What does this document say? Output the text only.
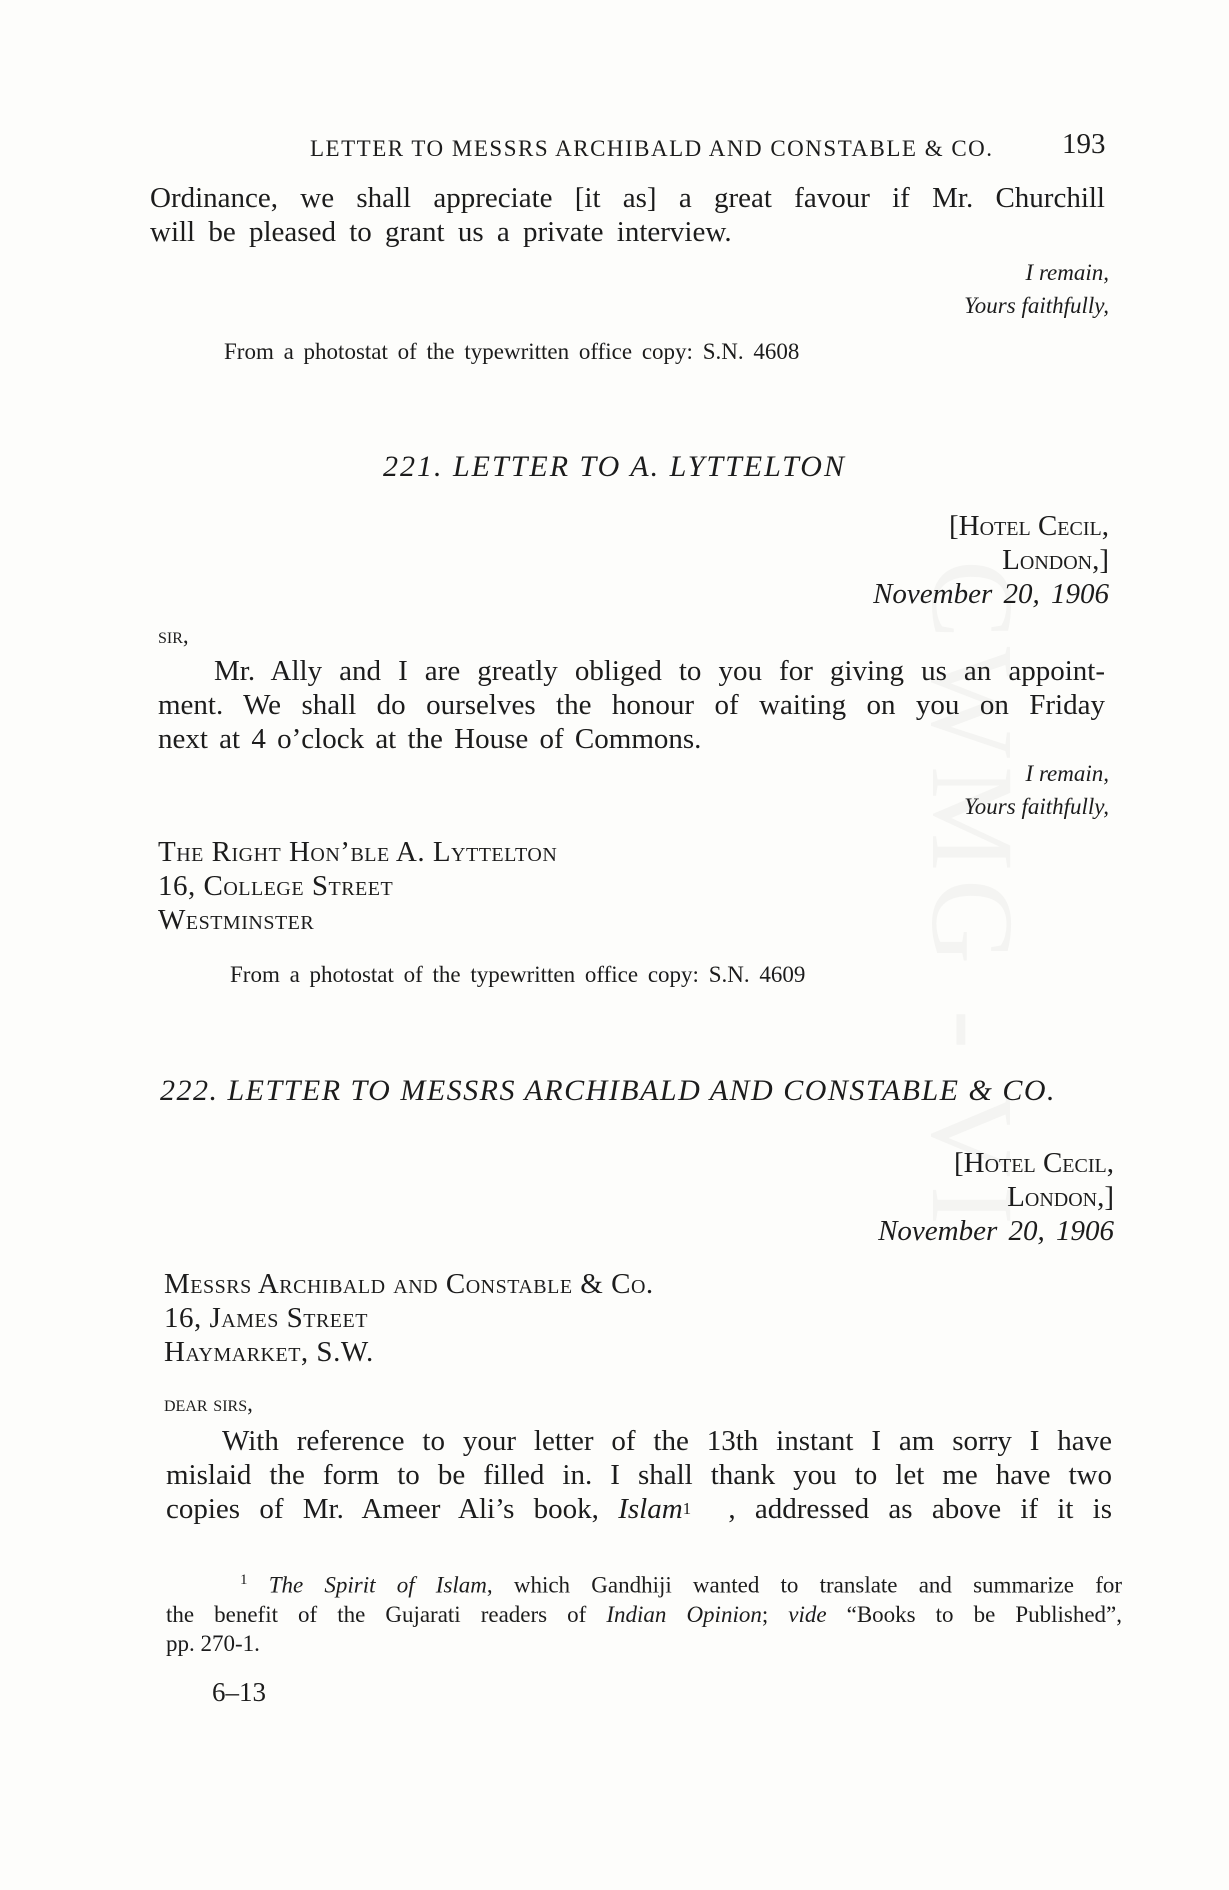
LETTER TO MESSRS ARCHIBALD AND CONSTABLE & CO. 193
Ordinance, we shall appreciate [it as] a great favour if Mr. Churchill
will be pleased to grant us a private interview.
I remain,
Yours faithfully,
From a photostat of the typewritten office copy: S.N. 4608
221. LETTER TO A. LYTTELTON
[Hotel Cecil,
London,]
November 20, 1906
sir,
Mr. Ally and I are greatly obliged to you for giving us an appoint-
ment. We shall do ourselves the honour of waiting on you on Friday
next at 4 o’clock at the House of Commons.
I remain,
Yours faithfully,
The Right Hon’ble A. Lyttelton
16, College Street
Westminster
From a photostat of the typewritten office copy: S.N. 4609
222. LETTER TO MESSRS ARCHIBALD AND CONSTABLE & CO.
[Hotel Cecil,
London,]
November 20, 1906
Messrs Archibald and Constable & Co.
16, James Street
Haymarket, S.W.
dear sirs,
With reference to your letter of the 13th instant I am sorry I have
mislaid the form to be filled in. I shall thank you to let me have two
copies of Mr. Ameer Ali’s book, Islam 1	, addressed as above if it is
$^1$ The Spirit of Islam, which Gandhiji wanted to translate and summarize for
the benefit of the Gujarati readers of Indian Opinion; vide “Books to be Published”,
pp. 270-1.
6–13
